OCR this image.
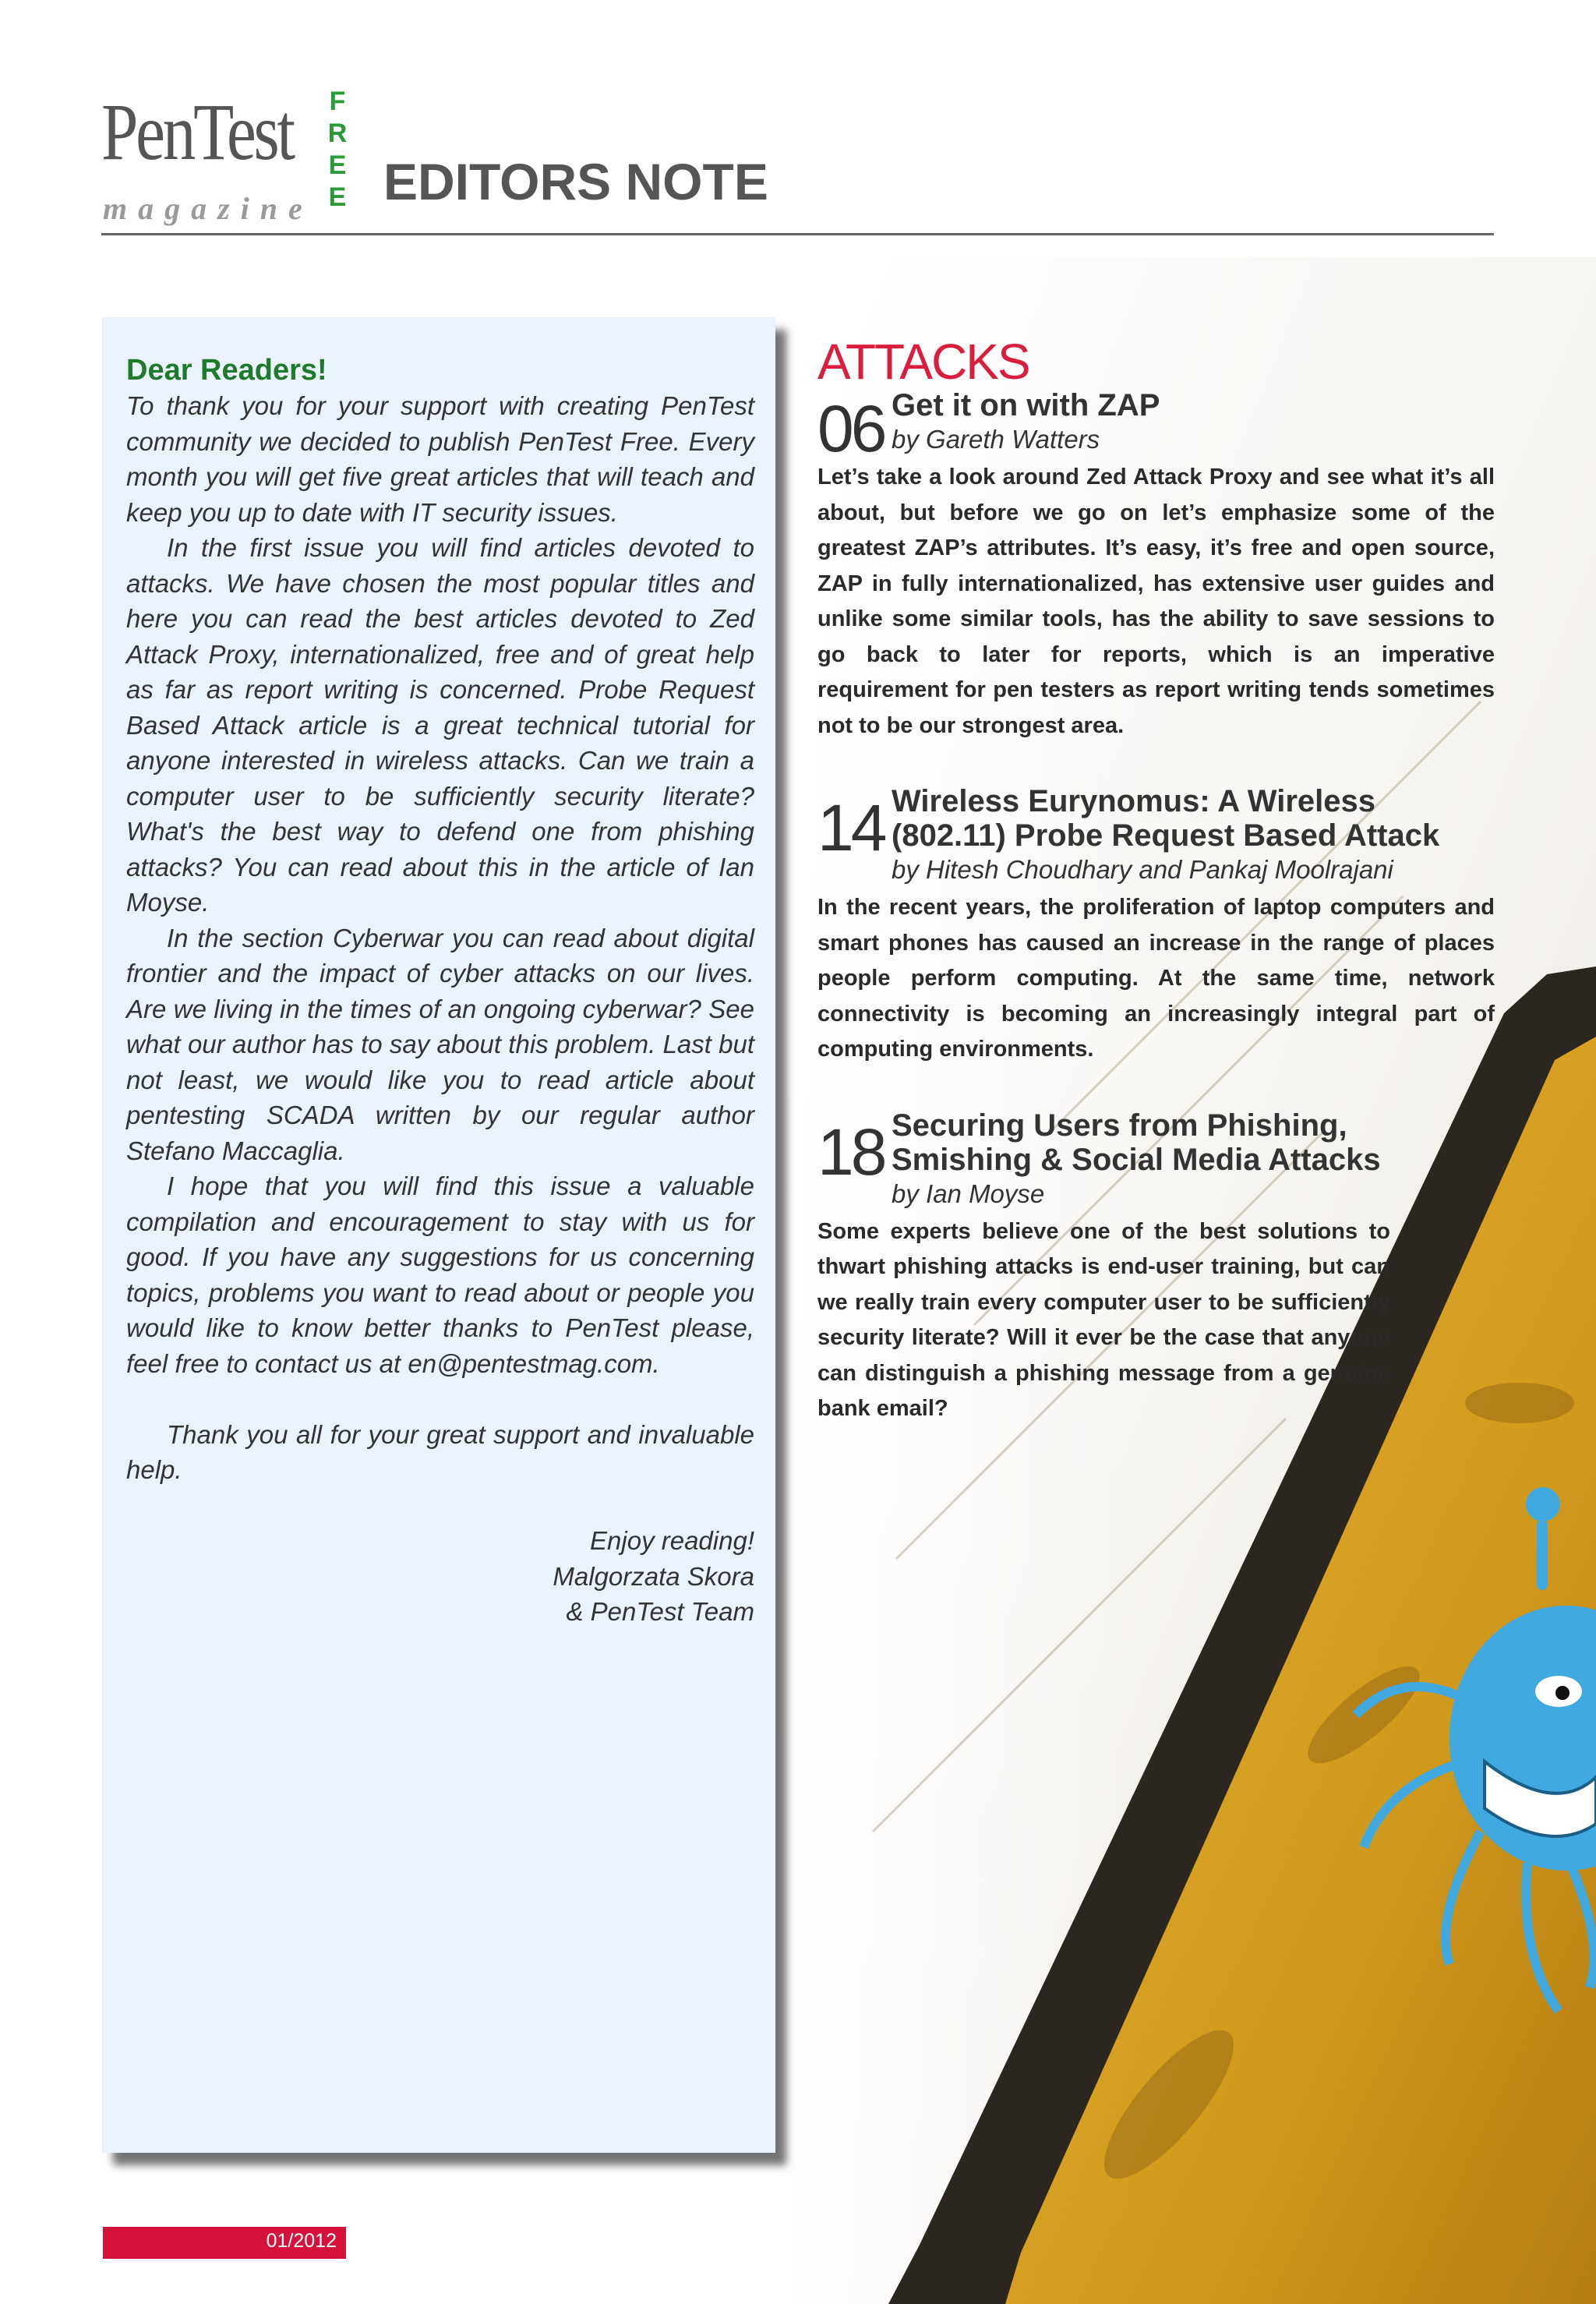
PenTest
magazine
F
R
E
E EDITORS NOTE
Dear Readers!

To thank you for your support with creating PenTest community we decided to publish PenTest Free. Every month you will get five great articles that will teach and keep you up to date with IT security issues.

In the first issue you will find articles devoted to attacks. We have chosen the most popular titles and here you can read the best articles devoted to Zed Attack Proxy, internationalized, free and of great help as far as report writing is concerned. Probe Request Based Attack article is a great technical tutorial for anyone interested in wireless attacks. Can we train a computer user to be sufficiently security literate? What's the best way to defend one from phishing attacks? You can read about this in the article of Ian Moyse.

In the section Cyberwar you can read about digital frontier and the impact of cyber attacks on our lives. Are we living in the times of an ongoing cyberwar? See what our author has to say about this problem. Last but not least, we would like you to read article about pentesting SCADA written by our regular author Stefano Maccaglia.

I hope that you will find this issue a valuable compilation and encouragement to stay with us for good. If you have any suggestions for us concerning topics, problems you want to read about or people you would like to know better thanks to PenTest please, feel free to contact us at en@pentestmag.com.

Thank you all for your great support and invaluable help.

Enjoy reading!

Malgorzata Skora

& PenTest Team

ATTACKS
06 Get it on with ZAP
by Gareth Watters
Let’s take a look around Zed Attack Proxy and see what it’s all about, but before we go on let’s emphasize some of the greatest ZAP’s attributes. It’s easy, it’s free and open source, ZAP in fully internationalized, has extensive user guides and unlike some similar tools, has the ability to save sessions to go back to later for reports, which is an imperative requirement for pen testers as report writing tends sometimes not to be our strongest area.
14 Wireless Eurynomus: A Wireless (802.11) Probe Request Based Attack
by Hitesh Choudhary and Pankaj Moolrajani
In the recent years, the proliferation of laptop computers and smart phones has caused an increase in the range of places people perform computing. At the same time, network connectivity is becoming an increasingly integral part of computing environments.
18 Securing Users from Phishing, Smishing & Social Media Attacks
by Ian Moyse
Some experts believe one of the best solutions to thwart phishing attacks is end-user training, but can we really train every computer user to be sufficiently security literate? Will it ever be the case that anyone can distinguish a phishing message from a genuine bank email?
01/2012
